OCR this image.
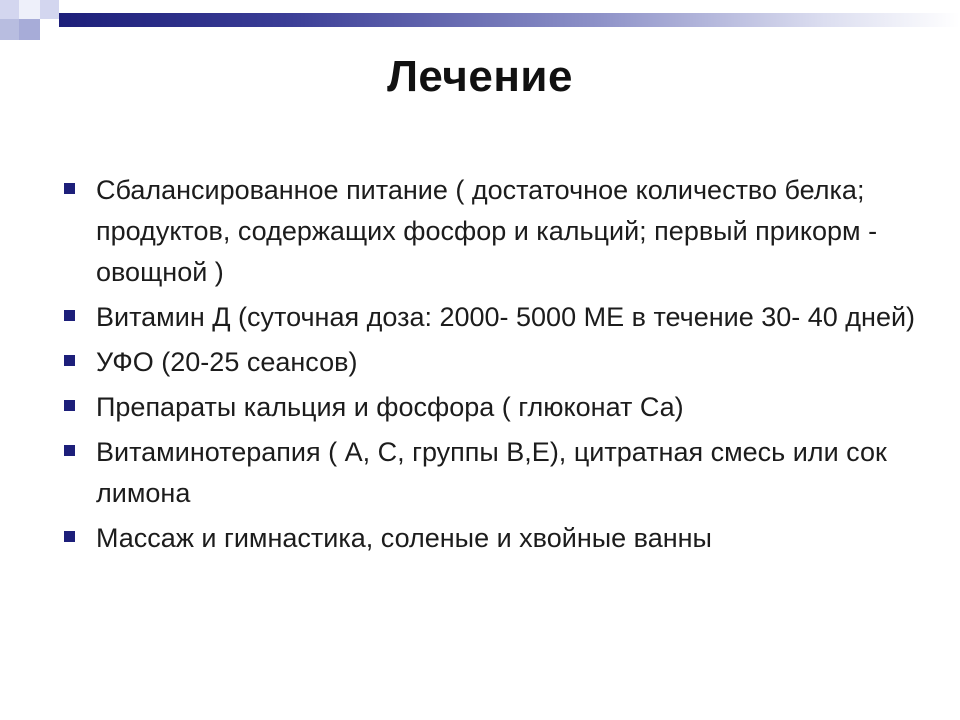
Лечение
Сбалансированное питание ( достаточное количество белка; продуктов, содержащих фосфор и кальций; первый прикорм - овощной )
Витамин Д (суточная доза: 2000- 5000 МЕ в течение 30- 40 дней)
УФО (20-25 сеансов)
Препараты кальция и фосфора ( глюконат Са)
Витаминотерапия ( А, С, группы В,Е), цитратная смесь или сок лимона
Массаж и гимнастика, соленые и хвойные ванны
